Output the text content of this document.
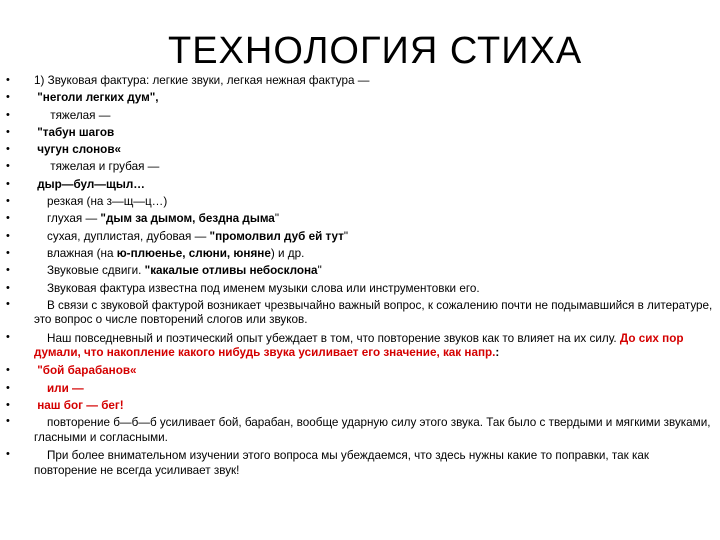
ТЕХНОЛОГИЯ СТИХА
• 1) Звуковая фактура: легкие звуки, легкая нежная фактура —
• "неголи легких дум",
• тяжелая —
• "табун шагов
• чугун слонов«
• тяжелая и грубая —
• дыр—бул—щыл…
• резкая (на з—щ—ц…)
• глухая — "дым за дымом, бездна дыма"
• сухая, дуплистая, дубовая — "промолвил дуб ей тут"
• влажная (на ю-плюенье, слюни, юняне) и др.
• Звуковые сдвиги. "какалые отливы небосклона"
• Звуковая фактура известна под именем музыки слова или инструментовки его.
• В связи с звуковой фактурой возникает чрезвычайно важный вопрос, к сожалению почти не подымавшийся в литературе, это вопрос о числе повторений слогов или звуков.
• Наш повседневный и поэтический опыт убеждает в том, что повторение звуков как то влияет на их силу. До сих пор думали, что накопление какого нибудь звука усиливает его значение, как напр.:
• "бой барабанов«
• или —
• наш бог — бег!
• повторение б—б—б усиливает бой, барабан, вообще ударную силу этого звука. Так было с твердыми и мягкими звуками, гласными и согласными.
• При более внимательном изучении этого вопроса мы убеждаемся, что здесь нужны какие то поправки, так как повторение не всегда усиливает звук!
